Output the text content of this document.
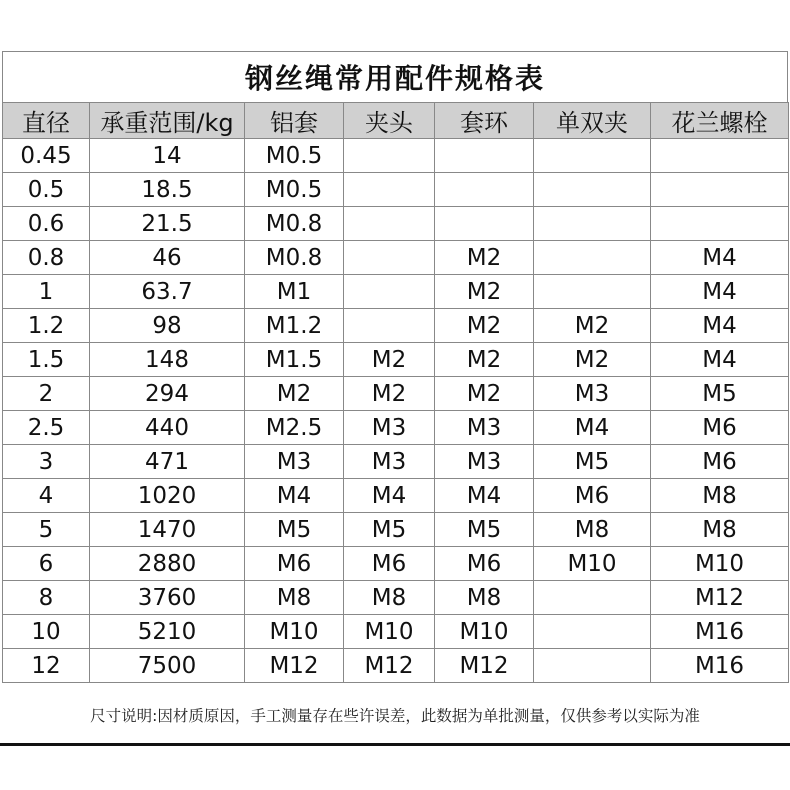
钢丝绳常用配件规格表
直径	承重范围/kg	铝套	夹头	套环	单双夹	花兰螺栓
0.45	14	M0.5				
0.5	18.5	M0.5				
0.6	21.5	M0.8				
0.8	46	M0.8		M2		M4
1	63.7	M1		M2		M4
1.2	98	M1.2		M2	M2	M4
1.5	148	M1.5	M2	M2	M2	M4
2	294	M2	M2	M2	M3	M5
2.5	440	M2.5	M3	M3	M4	M6
3	471	M3	M3	M3	M5	M6
4	1020	M4	M4	M4	M6	M8
5	1470	M5	M5	M5	M8	M8
6	2880	M6	M6	M6	M10	M10
8	3760	M8	M8	M8		M12
10	5210	M10	M10	M10		M16
12	7500	M12	M12	M12		M16
尺寸说明:因材质原因，手工测量存在些许误差，此数据为单批测量，仅供参考以实际为准
